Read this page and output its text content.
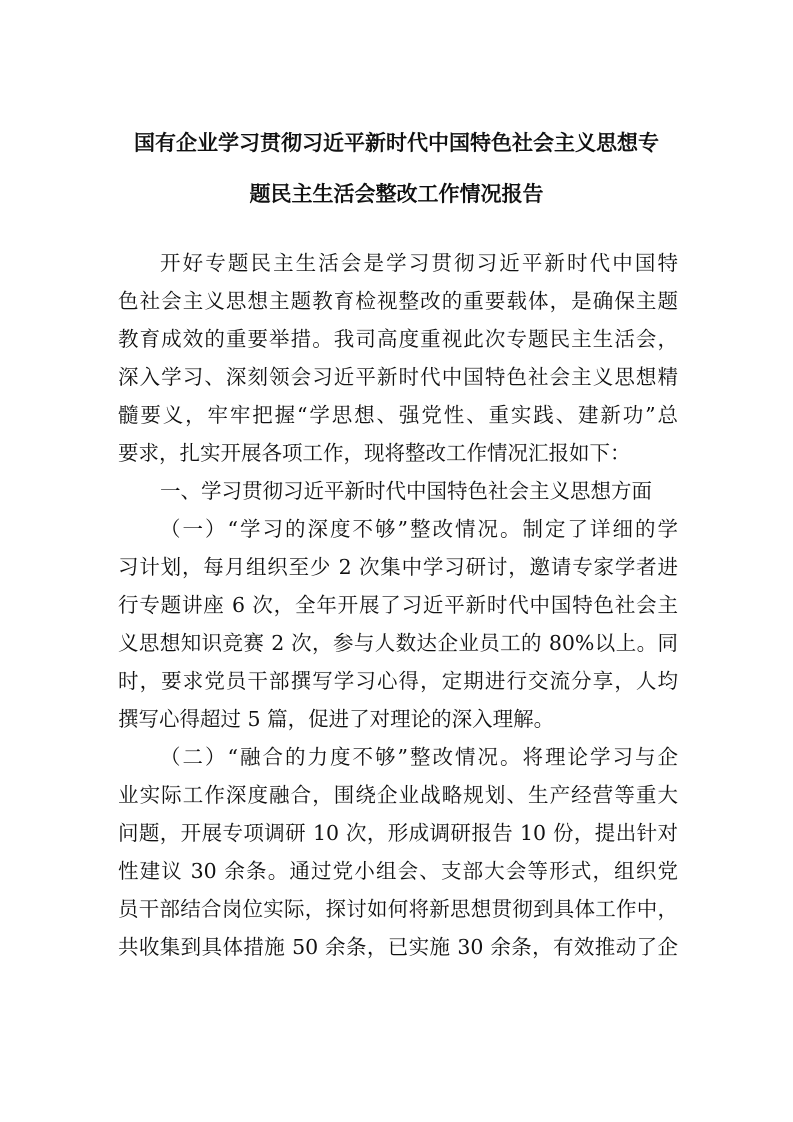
国有企业学习贯彻习近平新时代中国特色社会主义思想专
题民主生活会整改工作情况报告
开好专题民主生活会是学习贯彻习近平新时代中国特
色社会主义思想主题教育检视整改的重要载体，是确保主题
教育成效的重要举措。我司高度重视此次专题民主生活会，
深入学习、深刻领会习近平新时代中国特色社会主义思想精
髓要义，牢牢把握“学思想、强党性、重实践、建新功”总
要求，扎实开展各项工作，现将整改工作情况汇报如下：
一、学习贯彻习近平新时代中国特色社会主义思想方面
（一）“学习的深度不够”整改情况。制定了详细的学
习计划，每月组织至少 2 次集中学习研讨，邀请专家学者进
行专题讲座 6 次，全年开展了习近平新时代中国特色社会主
义思想知识竞赛 2 次，参与人数达企业员工的 80%以上。同
时，要求党员干部撰写学习心得，定期进行交流分享，人均
撰写心得超过 5 篇，促进了对理论的深入理解。
（二）“融合的力度不够”整改情况。将理论学习与企
业实际工作深度融合，围绕企业战略规划、生产经营等重大
问题，开展专项调研 10 次，形成调研报告 10 份，提出针对
性建议 30 余条。通过党小组会、支部大会等形式，组织党
员干部结合岗位实际，探讨如何将新思想贯彻到具体工作中，
共收集到具体措施 50 余条，已实施 30 余条，有效推动了企
